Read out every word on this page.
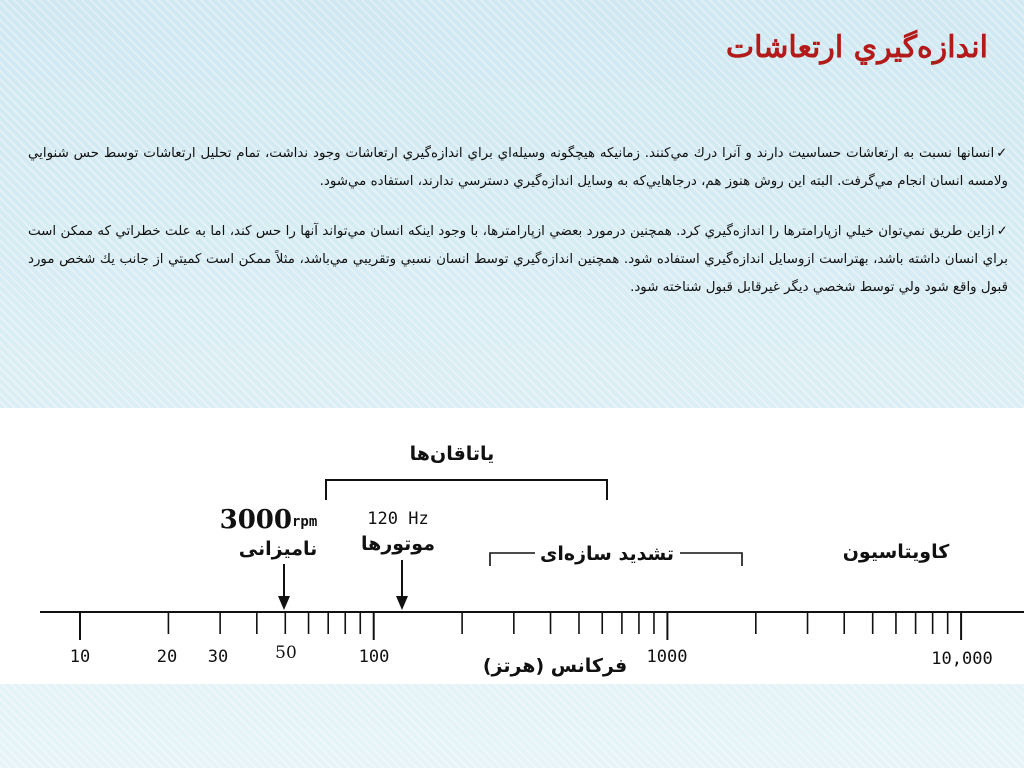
اندازه‌گيري ارتعاشات

✓انسانها نسبت به ارتعاشات حساسيت دارند و آنرا درك مي‌كنند. زمانيكه هيچگونه وسيله‌اي براي اندازه‌گيري ارتعاشات وجود نداشت، تمام تحليل ارتعاشات توسط حس شنوايي ولامسه انسان انجام مي‌گرفت. البته اين روش هنوز هم، درجاهايي‌كه به وسايل اندازه‌گيري دسترسي ندارند، استفاده مي‌شود.

✓ازاين طريق نمي‌توان خيلي ازپارامترها را اندازه‌گيري كرد. همچنين درمورد بعضي ازپارامترها، با وجود اينكه انسان مي‌تواند آنها را حس كند، اما به علت خطراتي كه ممكن است براي انسان داشته باشد، بهتراست ازوسايل اندازه‌گيري استفاده شود. همچنين اندازه‌گيري توسط انسان نسبي وتقريبي مي‌باشد، مثلاً ممكن است كميتي از جانب يك شخص مورد قبول واقع شود ولي توسط شخصي ديگر غيرقابل قبول شناخته شود.

ياتاقان‌ها
3000 rpm
ناميزانی
120 Hz
موتورها	تشديد سازه‌ای	كاويتاسيون
10	20 30	50	100	1000	10,000
فركانس (هرتز)
